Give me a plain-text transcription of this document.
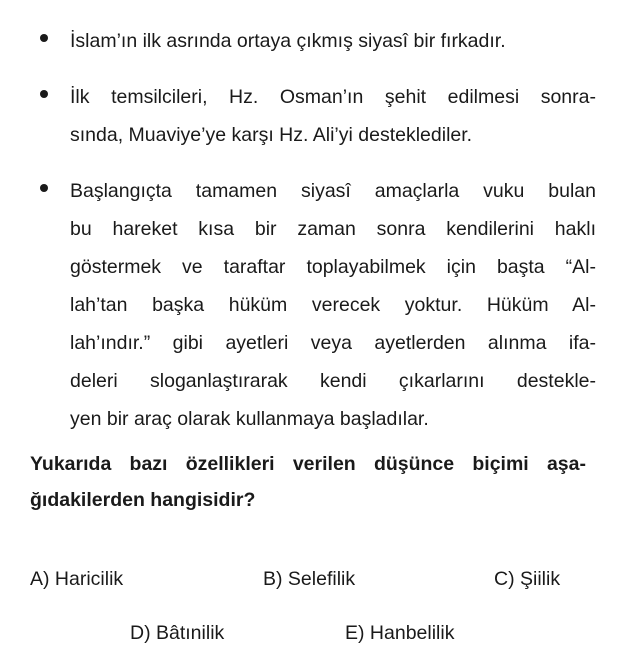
İslam’ın ilk asrında ortaya çıkmış siyasî bir fırkadır.
İlk temsilcileri, Hz. Osman’ın şehit edilmesi sonra-
sında, Muaviye’ye karşı Hz. Ali’yi desteklediler.
Başlangıçta tamamen siyasî amaçlarla vuku bulan
bu hareket kısa bir zaman sonra kendilerini haklı
göstermek ve taraftar toplayabilmek için başta “Al-
lah’tan başka hüküm verecek yoktur. Hüküm Al-
lah’ındır.” gibi ayetleri veya ayetlerden alınma ifa-
deleri sloganlaştırarak kendi çıkarlarını destekle-
yen bir araç olarak kullanmaya başladılar.
Yukarıda bazı özellikleri verilen düşünce biçimi aşa-
ğıdakilerden hangisidir?
A) Haricilik	B) Selefilik	C) Şiilik
D) Bâtınilik	E) Hanbelilik
